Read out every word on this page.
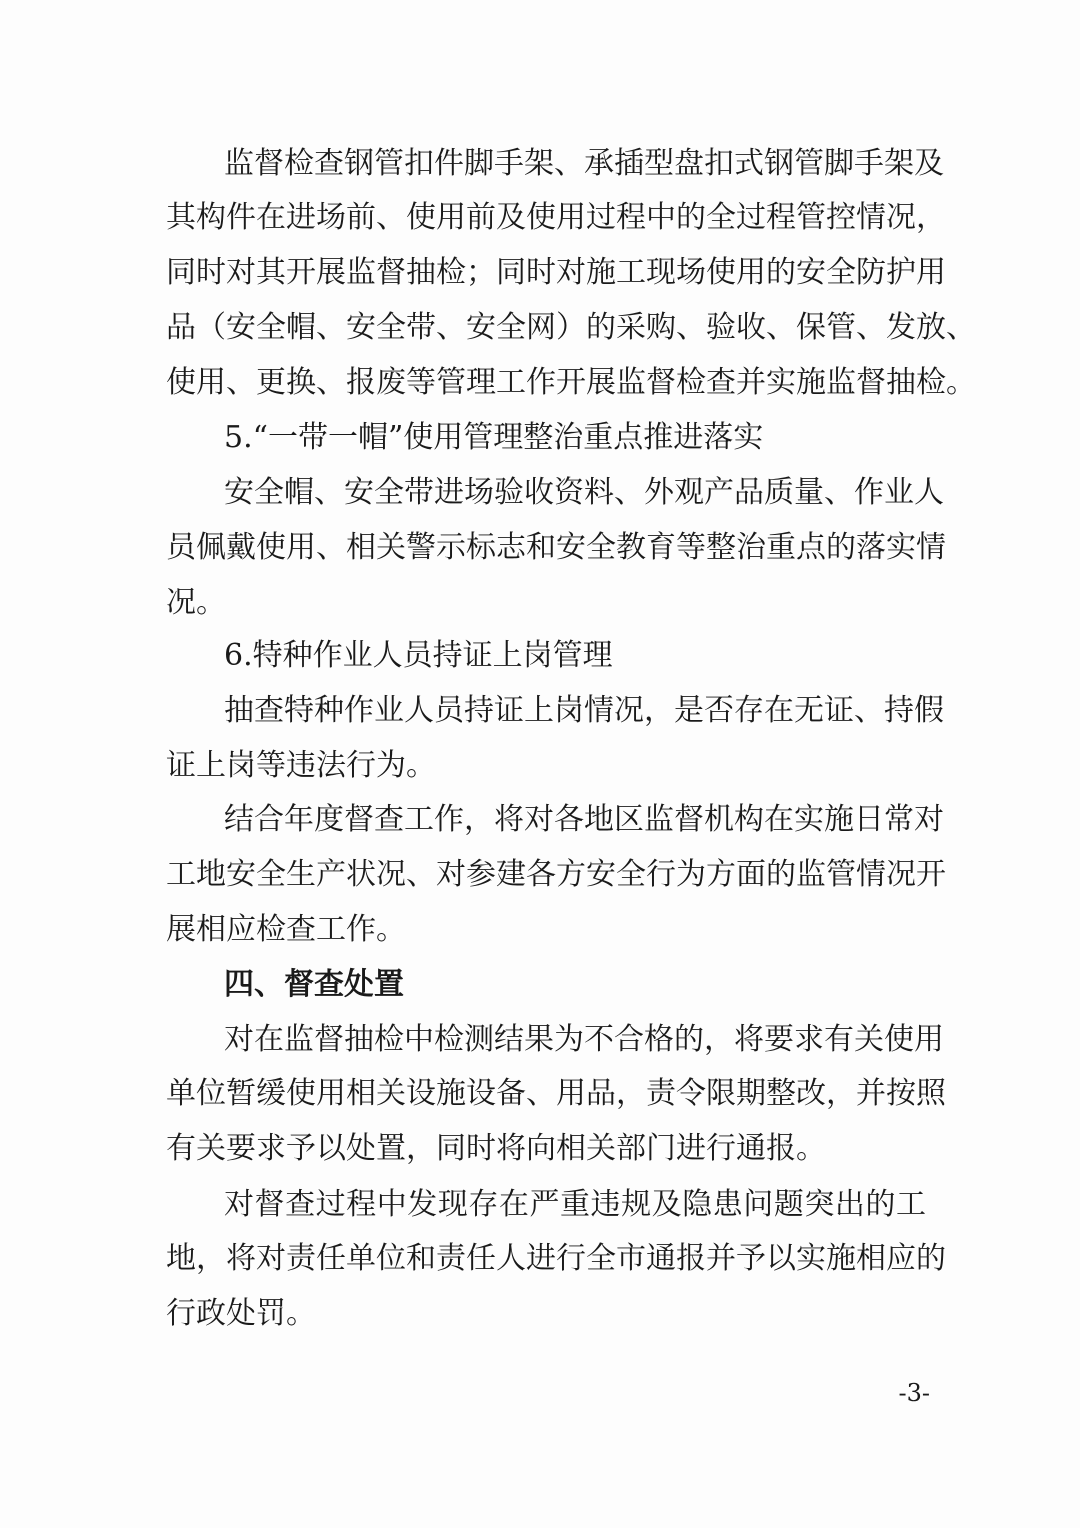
监督检查钢管扣件脚手架、承插型盘扣式钢管脚手架及
其构件在进场前、使用前及使用过程中的全过程管控情况，
同时对其开展监督抽检；同时对施工现场使用的安全防护用
品（安全帽、安全带、安全网）的采购、验收、保管、发放、
使用、更换、报废等管理工作开展监督检查并实施监督抽检。
5.“一带一帽”使用管理整治重点推进落实
安全帽、安全带进场验收资料、外观产品质量、作业人
员佩戴使用、相关警示标志和安全教育等整治重点的落实情
况。
6.特种作业人员持证上岗管理
抽查特种作业人员持证上岗情况，是否存在无证、持假
证上岗等违法行为。
结合年度督查工作，将对各地区监督机构在实施日常对
工地安全生产状况、对参建各方安全行为方面的监管情况开
展相应检查工作。
四、督查处置
对在监督抽检中检测结果为不合格的，将要求有关使用
单位暂缓使用相关设施设备、用品，责令限期整改，并按照
有关要求予以处置，同时将向相关部门进行通报。
对督查过程中发现存在严重违规及隐患问题突出的工
地，将对责任单位和责任人进行全市通报并予以实施相应的
行政处罚。
-3-
